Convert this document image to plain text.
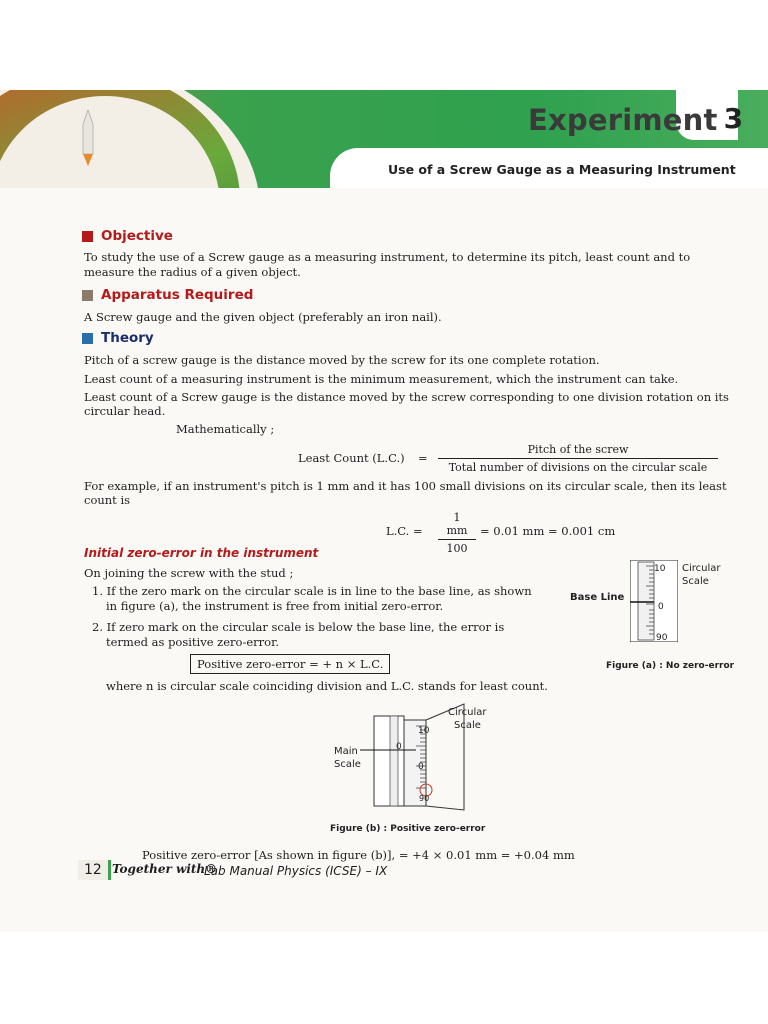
Experiment 3
Use of a Screw Gauge as a Measuring Instrument
Objective
To study the use of a Screw gauge as a measuring instrument, to determine its pitch, least count and to
measure the radius of a given object.
Apparatus Required
A Screw gauge and the given object (preferably an iron nail).
Theory
Pitch of a screw gauge is the distance moved by the screw for its one complete rotation.
Least count of a measuring instrument is the minimum measurement, which the instrument can take.
Least count of a Screw gauge is the distance moved by the screw corresponding to one division rotation on its
circular head.
Mathematically ;
Least Count (L.C.) =
Pitch of the screw
Total number of divisions on the circular scale
For example, if an instrument's pitch is 1 mm and it has 100 small divisions on its circular scale, then its least
count is
L.C. = $\frac{1 mm}{100} = 0.01$ mm = 0.001 cm
Initial zero-error in the instrument
On joining the screw with the stud ;
1. If the zero mark on the circular scale is in line to the base line, as shown
in figure (a), the instrument is free from initial zero-error.
2. If zero mark on the circular scale is below the base line, the error is
termed as positive zero-error.
Positive zero-error = + n × L.C.
where n is circular scale coinciding division and L.C. stands for least count.
10
0
90
Base Line
Circular
Scale
Figure (a) : No zero-error
10
0
0
90
Circular
Scale
Main
Scale
Figure (b) : Positive zero-error
Positive zero-error [As shown in figure (b)], = +4 × 0.01 mm = +0.04 mm
12 Together with®
Lab Manual Physics (ICSE) – IX
